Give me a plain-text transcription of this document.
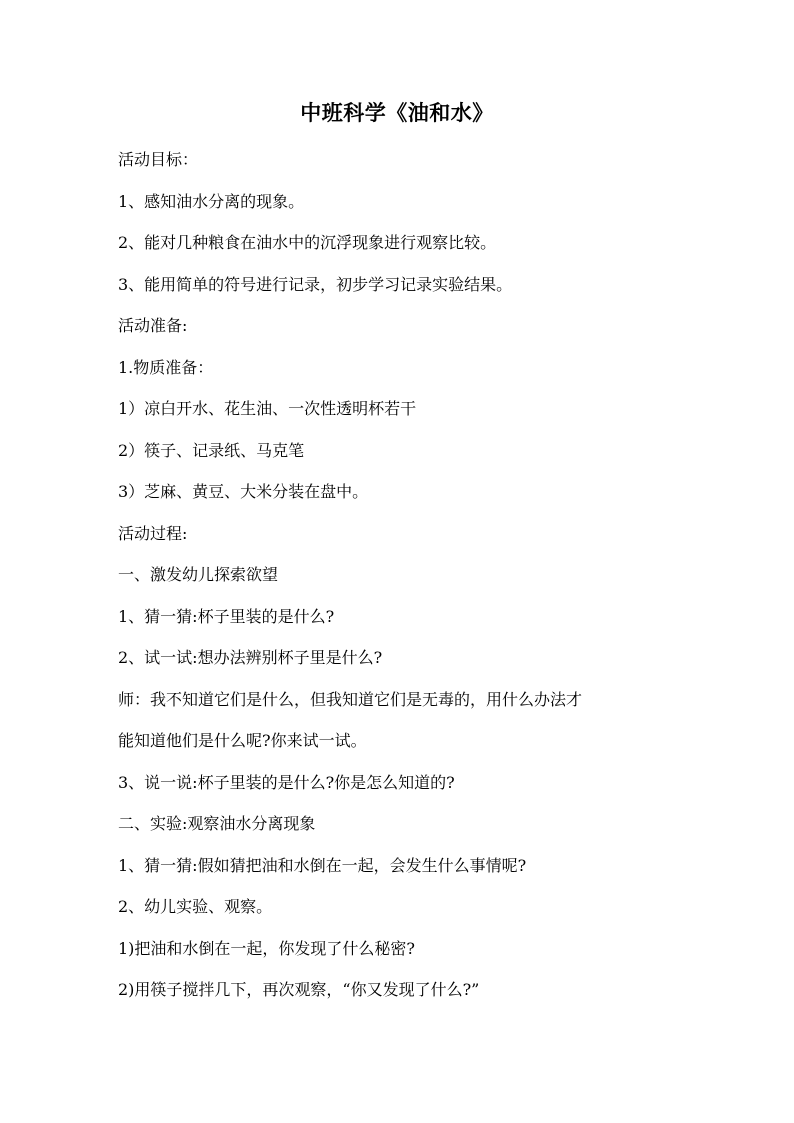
中班科学《油和水》
活动目标：
1、感知油水分离的现象。
2、能对几种粮食在油水中的沉浮现象进行观察比较。
3、能用简单的符号进行记录，初步学习记录实验结果。
活动准备:
1.物质准备：
1）凉白开水、花生油、一次性透明杯若干
2）筷子、记录纸、马克笔
3）芝麻、黄豆、大米分装在盘中。
活动过程:
一、激发幼儿探索欲望
1、猜一猜:杯子里装的是什么?
2、试一试:想办法辨别杯子里是什么?
师：我不知道它们是什么，但我知道它们是无毒的，用什么办法才
能知道他们是什么呢?你来试一试。
3、说一说:杯子里装的是什么?你是怎么知道的?
二、实验:观察油水分离现象
1、猜一猜:假如猜把油和水倒在一起，会发生什么事情呢?
2、幼儿实验、观察。
1)把油和水倒在一起，你发现了什么秘密?
2)用筷子搅拌几下，再次观察，“你又发现了什么?”
